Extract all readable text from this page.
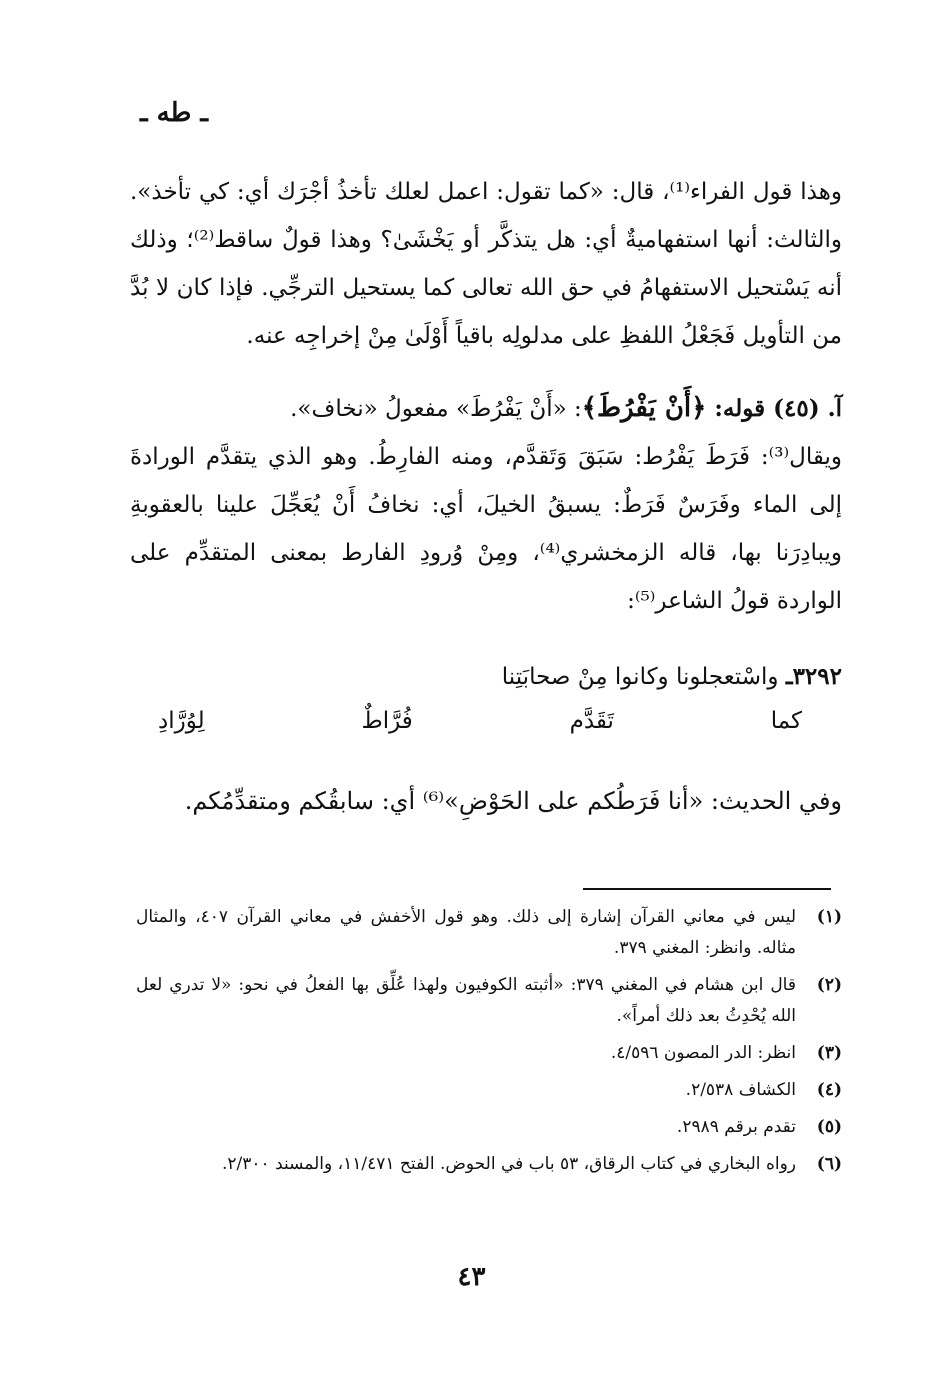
ـ طه ـ

وهذا قول الفراء⁽¹⁾، قال: «كما تقول: اعمل لعلك تأخذُ أجْرَك أي: كي تأخذ». والثالث: أنها استفهاميةٌ أي: هل يتذكَّر أو يَخْشَىٰ؟ وهذا قولٌ ساقط⁽²⁾؛ وذلك أنه يَسْتحيل الاستفهامُ في حق الله تعالى كما يستحيل الترجِّي. فإذا كان لا بُدَّ من التأويل فَجَعْلُ اللفظِ على مدلولِه باقياً أَوْلَىٰ مِنْ إخراجِه عنه.

آ. (٤٥) قوله: ﴿أَنْ يَفْرُطَ﴾: «أَنْ يَفْرُطَ» مفعولُ «نخاف».

ويقال⁽³⁾: فَرَطَ يَفْرُط: سَبَقَ وَتَقدَّم، ومنه الفارِطُ. وهو الذي يتقدَّم الورادةَ إلى الماء وفَرَسٌ فَرَطٌ: يسبقُ الخيلَ، أي: نخافُ أَنْ يُعَجِّلَ علينا بالعقوبةِ ويبادِرَنا بها، قاله الزمخشري⁽⁴⁾، ومِنْ وُرودِ الفارط بمعنى المتقدِّم على الواردة قولُ الشاعر⁽⁵⁾:

٣٢٩٢ـ واسْتعجلونا وكانوا مِنْ صحابَتِنا
كما
تَقَدَّم
فُرَّاطٌ
لِوُرَّادِ

وفي الحديث: «أنا فَرَطُكم على الحَوْضِ»⁽⁶⁾ أي: سابقُكم ومتقدِّمُكم.

(١)
ليس في معاني القرآن إشارة إلى ذلك. وهو قول الأخفش في معاني القرآن ٤٠٧، والمثال مثاله. وانظر: المغني ٣٧٩.
(٢)
قال ابن هشام في المغني ٣٧٩: «أثبته الكوفيون ولهذا عُلِّق بها الفعلُ في نحو: «لا تدري لعل الله يُحْدِثُ بعد ذلك أمراً».
(٣)
انظر: الدر المصون ٤/٥٩٦.
(٤)
الكشاف ٢/٥٣٨.
(٥)
تقدم برقم ٢٩٨٩.
(٦)
رواه البخاري في كتاب الرقاق، ٥٣ باب في الحوض. الفتح ١١/٤٧١، والمسند ٢/٣٠٠.
٤٣
